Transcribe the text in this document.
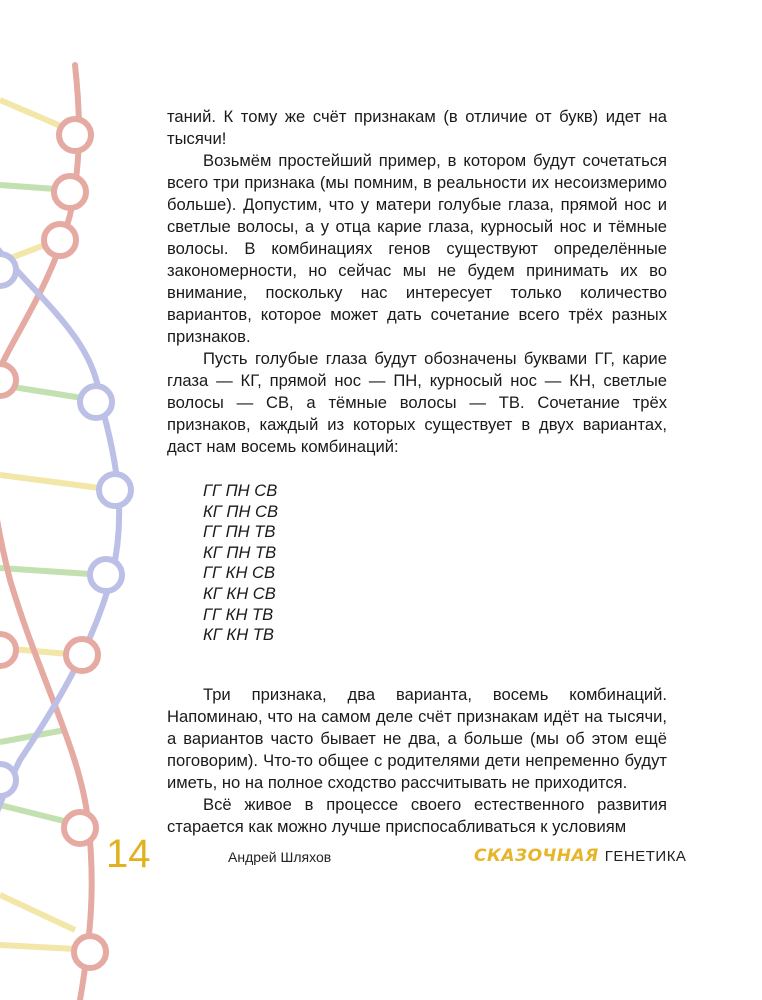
таний. К тому же счёт признакам (в отличие от букв) идет на тысячи!

Возьмём простейший пример, в котором будут сочетаться всего три признака (мы помним, в реальности их несоизмеримо больше). Допустим, что у матери голубые глаза, прямой нос и светлые волосы, а у отца карие глаза, курносый нос и тёмные волосы. В комбинациях генов существуют определённые закономерности, но сейчас мы не будем принимать их во внимание, поскольку нас интересует только количество вариантов, которое может дать сочетание всего трёх разных признаков.

Пусть голубые глаза будут обозначены буквами ГГ, карие глаза — КГ, прямой нос — ПН, курносый нос — КН, светлые волосы — СВ, а тёмные волосы — ТВ. Сочетание трёх признаков, каждый из которых существует в двух вариантах, даст нам восемь комбинаций:

ГГ ПН СВ
КГ ПН СВ
ГГ ПН ТВ
КГ ПН ТВ
ГГ КН СВ
КГ КН СВ
ГГ КН ТВ
КГ КН ТВ

Три признака, два варианта, восемь комбинаций. Напоминаю, что на самом деле счёт признакам идёт на тысячи, а вариантов часто бывает не два, а больше (мы об этом ещё поговорим). Что-то общее с родителями дети непременно будут иметь, но на полное сходство рассчитывать не приходится.

Всё живое в процессе своего естественного развития старается как можно лучше приспосабливаться к условиям

14	Андрей Шляхов	СКАЗОЧНАЯ ГЕНЕТИКА
